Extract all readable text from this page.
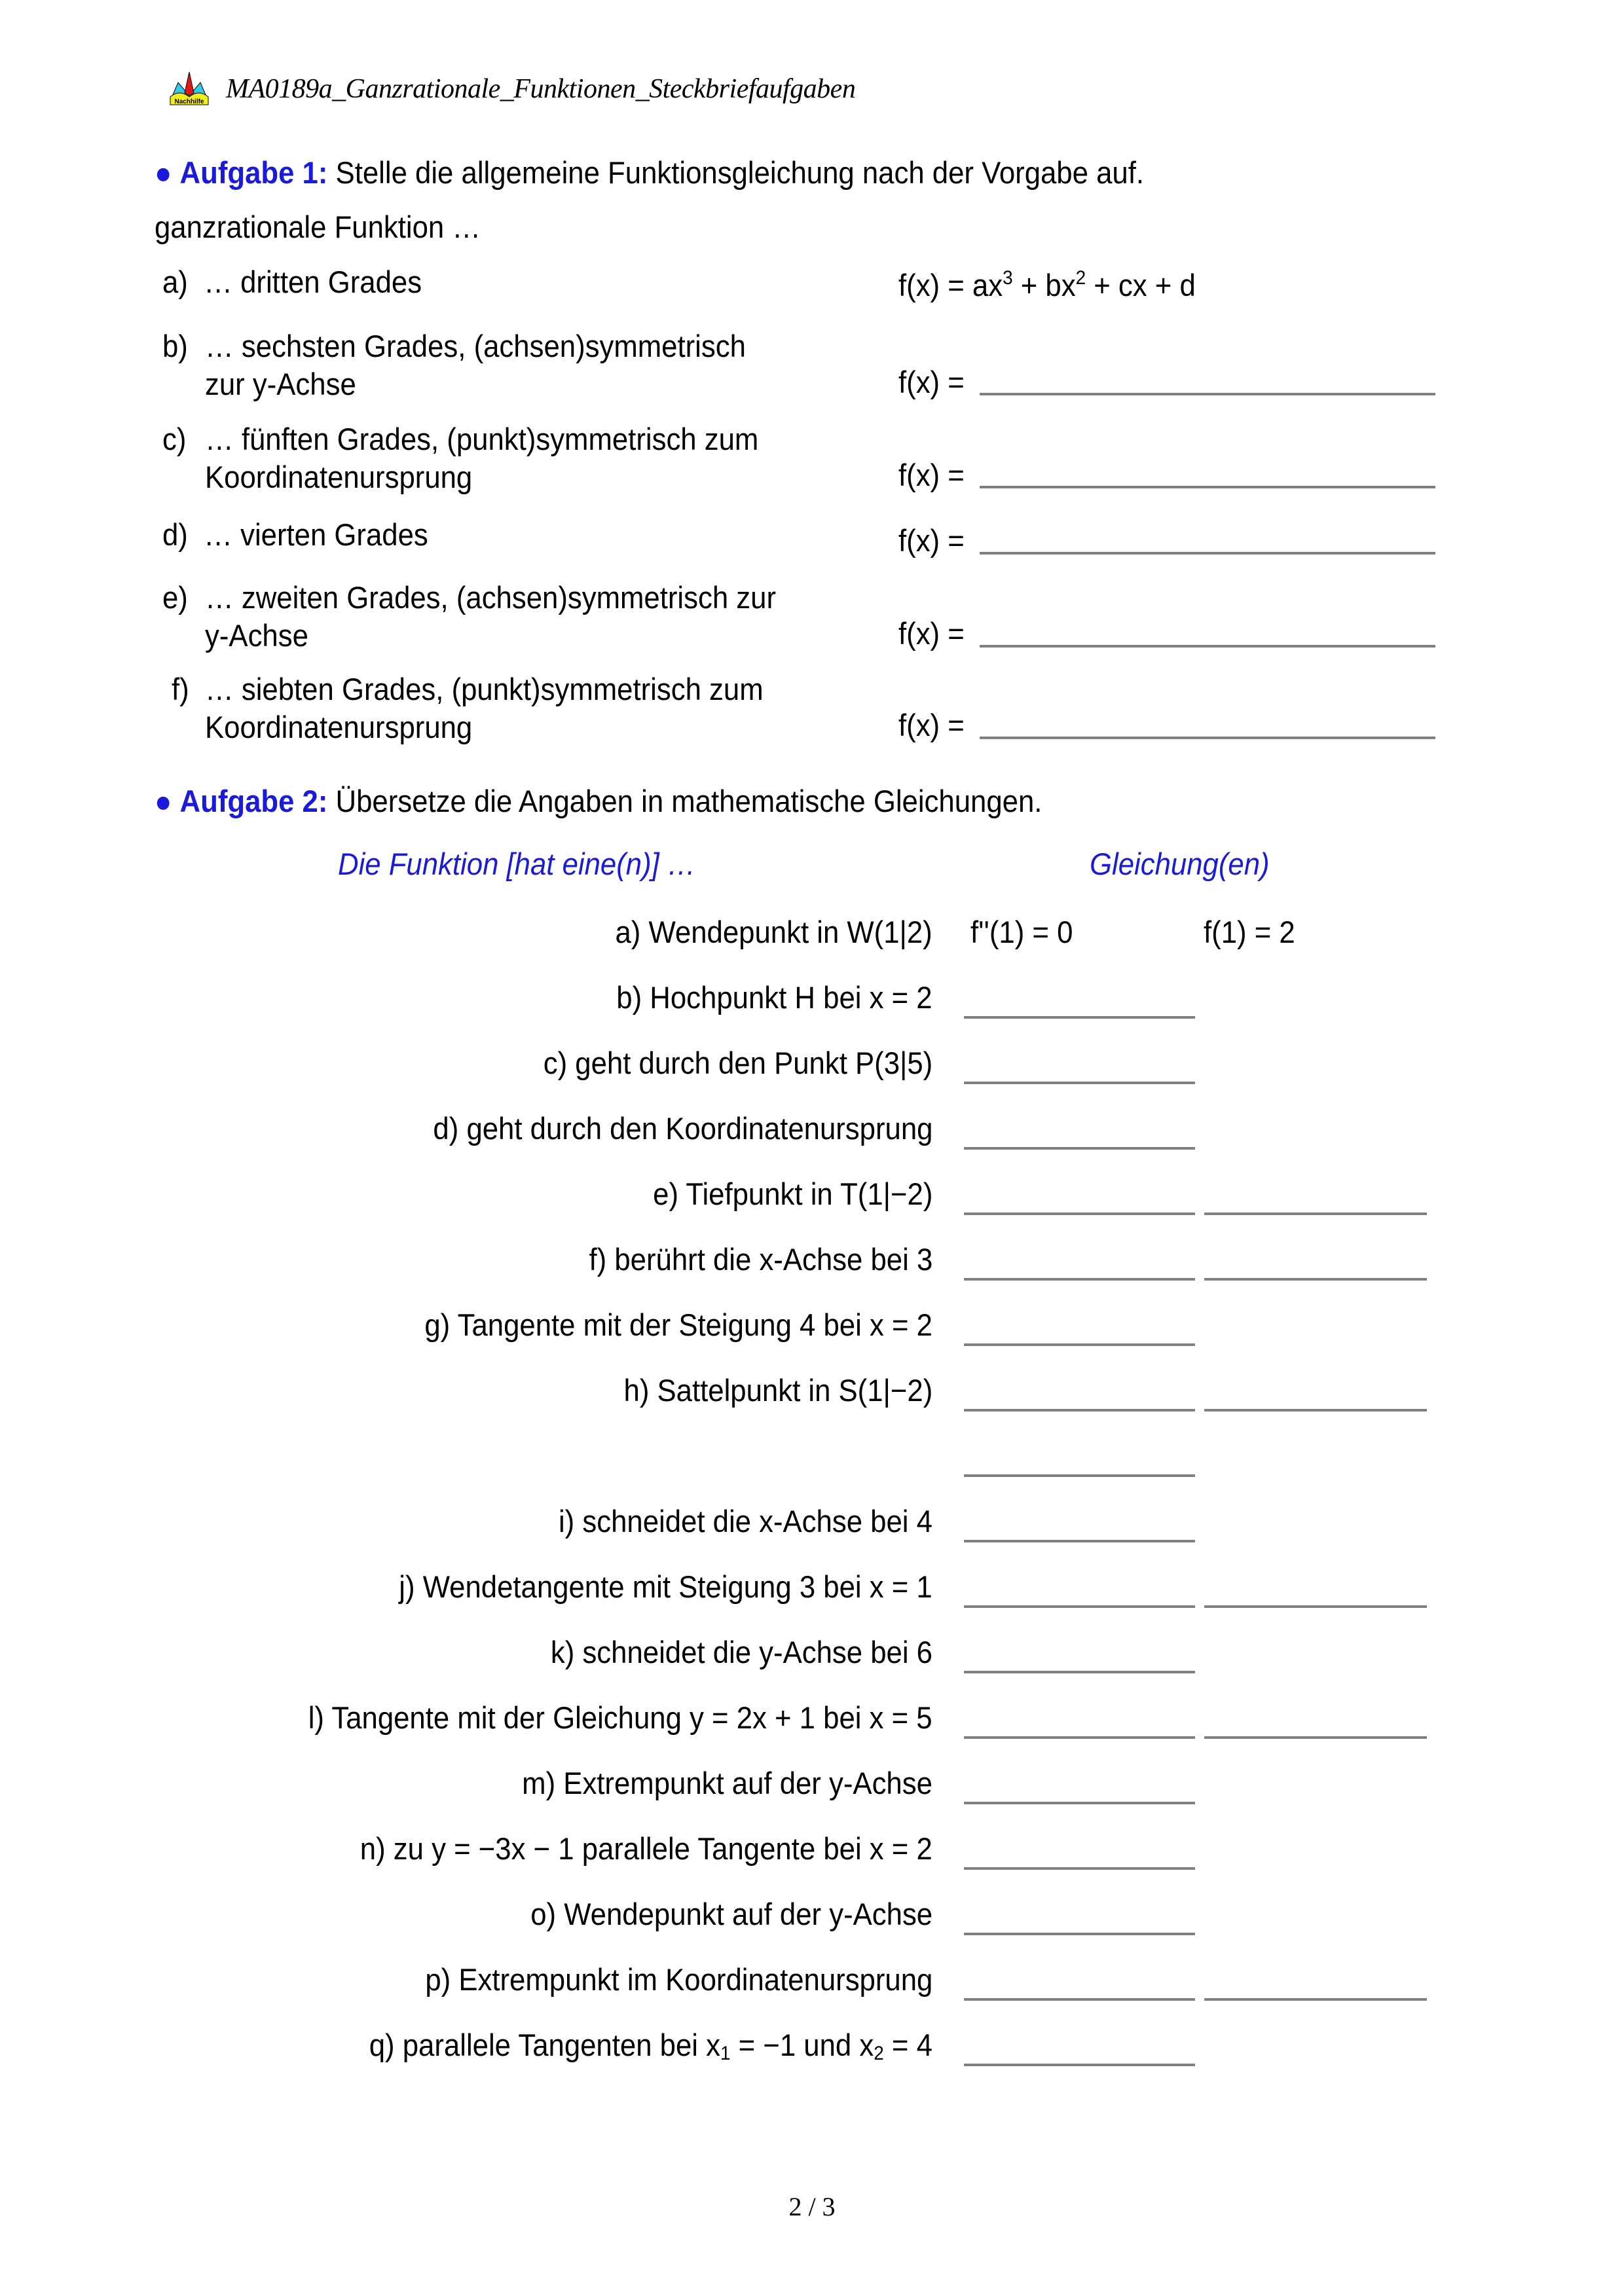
Nachhilfe MA0189a_Ganzrationale_Funktionen_Steckbriefaufgaben
● Aufgabe 1: Stelle die allgemeine Funktionsgleichung nach der Vorgabe auf.
ganzrationale Funktion …
a) … dritten Grades	$f(x) = ax^3 + bx^2$ + cx + d
b) … sechsten Grades, (achsen)symmetrisch
zur y-Achse	f(x) =
c) … fünften Grades, (punkt)symmetrisch zum
Koordinatenursprung	f(x) =
d) … vierten Grades	f(x) =
e) … zweiten Grades, (achsen)symmetrisch zur
y-Achse	f(x) =
f) … siebten Grades, (punkt)symmetrisch zum
Koordinatenursprung	f(x) =
● Aufgabe 2: Übersetze die Angaben in mathematische Gleichungen.
Die Funktion [hat eine(n)] …	Gleichung(en)
a) Wendepunkt in W(1|2) f''(1) = 0	f(1) = 2
b) Hochpunkt H bei x = 2
c) geht durch den Punkt P(3|5)
d) geht durch den Koordinatenursprung
e) Tiefpunkt in T(1|−2)
f) berührt die x-Achse bei 3
g) Tangente mit der Steigung 4 bei x = 2
h) Sattelpunkt in S(1|−2)
i) schneidet die x-Achse bei 4
j) Wendetangente mit Steigung 3 bei x = 1
k) schneidet die y-Achse bei 6
l) Tangente mit der Gleichung y = 2x + 1 bei x = 5
m) Extrempunkt auf der y-Achse
n) zu y = −3x − 1 parallele Tangente bei x = 2
o) Wendepunkt auf der y-Achse
p) Extrempunkt im Koordinatenursprung
q) parallele Tangenten bei $x_1 = -1$ und $x_2 = 4$
2 / 3
